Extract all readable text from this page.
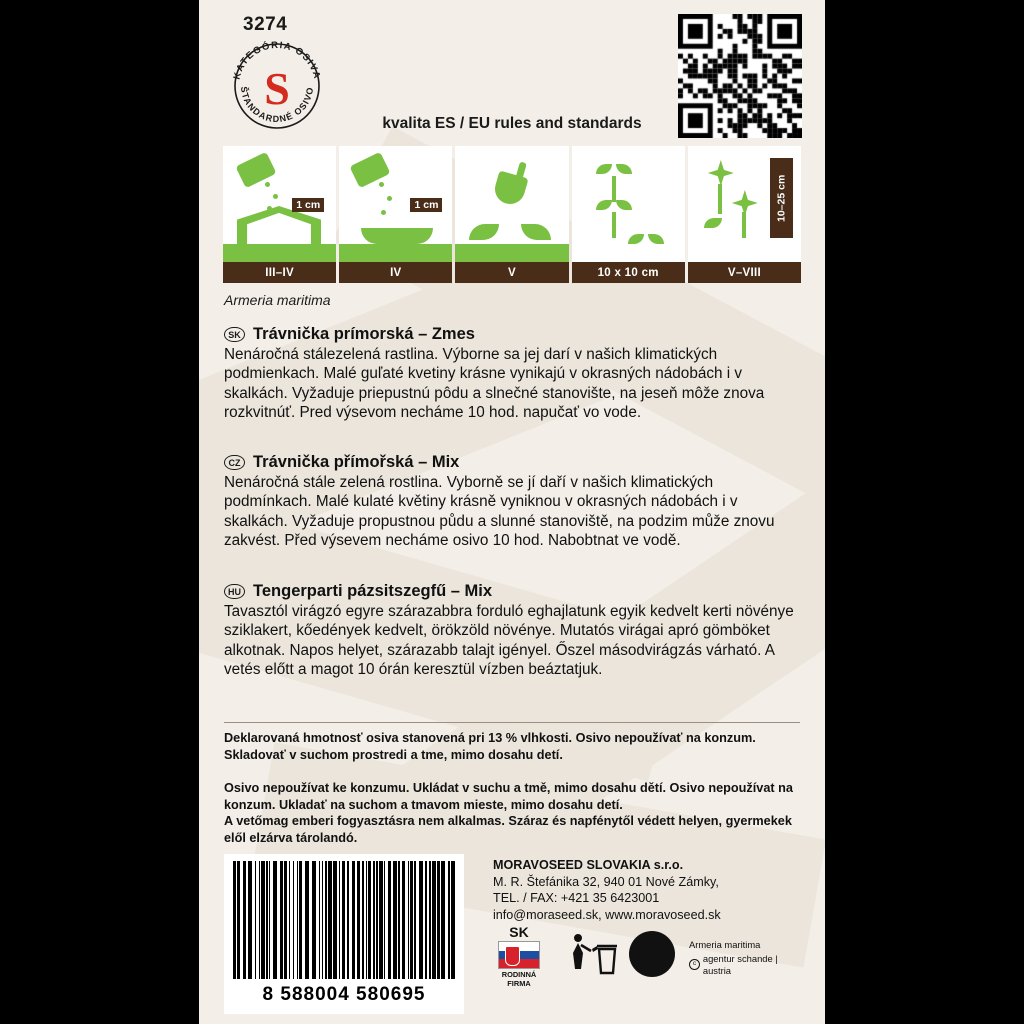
3274
KATEGÓRIA OSIVA
ŠTANDARDNÉ OSIVO
S
kvalita ES / EU rules and standards
1 cm
III–IV
1 cm
IV	V	10 x 10 cm
10–25 cm
V–VIII
Armeria maritima
SK Trávnička prímorská – Zmes
Nenáročná stálezelená rastlina. Výborne sa jej darí v našich klimatických podmienkach. Malé guľaté kvetiny krásne vynikajú v okrasných nádobách i v skalkách. Vyžaduje priepustnú pôdu a slnečné stanovište, na jeseň môže znova rozkvitnúť. Pred výsevom necháme 10 hod. napučať vo vode.
CZ Trávnička přímořská – Mix
Nenáročná stále zelená rostlina. Vyborně se jí daří v našich klimatických podmínkach. Malé kulaté květiny krásně vyniknou v okrasných nádobách i v skalkách. Vyžaduje propustnou půdu a slunné stanoviště, na podzim může znovu zakvést. Před výsevem necháme osivo 10 hod. Nabobtnat ve vodě.
HU Tengerparti pázsitszegfű – Mix
Tavasztól virágzó egyre szárazabbra forduló eghajlatunk egyik kedvelt kerti növénye sziklakert, kőedények kedvelt, örökzöld növénye. Mutatós virágai apró gömböket alkotnak. Napos helyet, szárazabb talajt igényel. Őszel másodvirágzás várható. A vetés előtt a magot 10 órán keresztül vízben beáztatjuk.
Deklarovaná hmotnosť osiva stanovená pri 13 % vlhkosti. Osivo nepoužívať na konzum. Skladovať v suchom prostredi a tme, mimo dosahu detí.
Osivo nepoužívat ke konzumu. Ukládat v suchu a tmě, mimo dosahu dětí. Osivo nepoužívat na konzum. Ukladať na suchom a tmavom mieste, mimo dosahu detí.
A vetőmag emberi fogyasztásra nem alkalmas. Száraz és napfénytől védett helyen, gyermekek elől elzárva tárolandó.
8 588004 580695
MORAVOSEED SLOVAKIA s.r.o.
M. R. Štefánika 32, 940 01 Nové Zámky,
TEL. / FAX: +421 35 6423001
info@moraseed.sk, www.moravoseed.sk
SK
RODINNÁ
FIRMA
Armeria maritima
c
agentur schande | austria
